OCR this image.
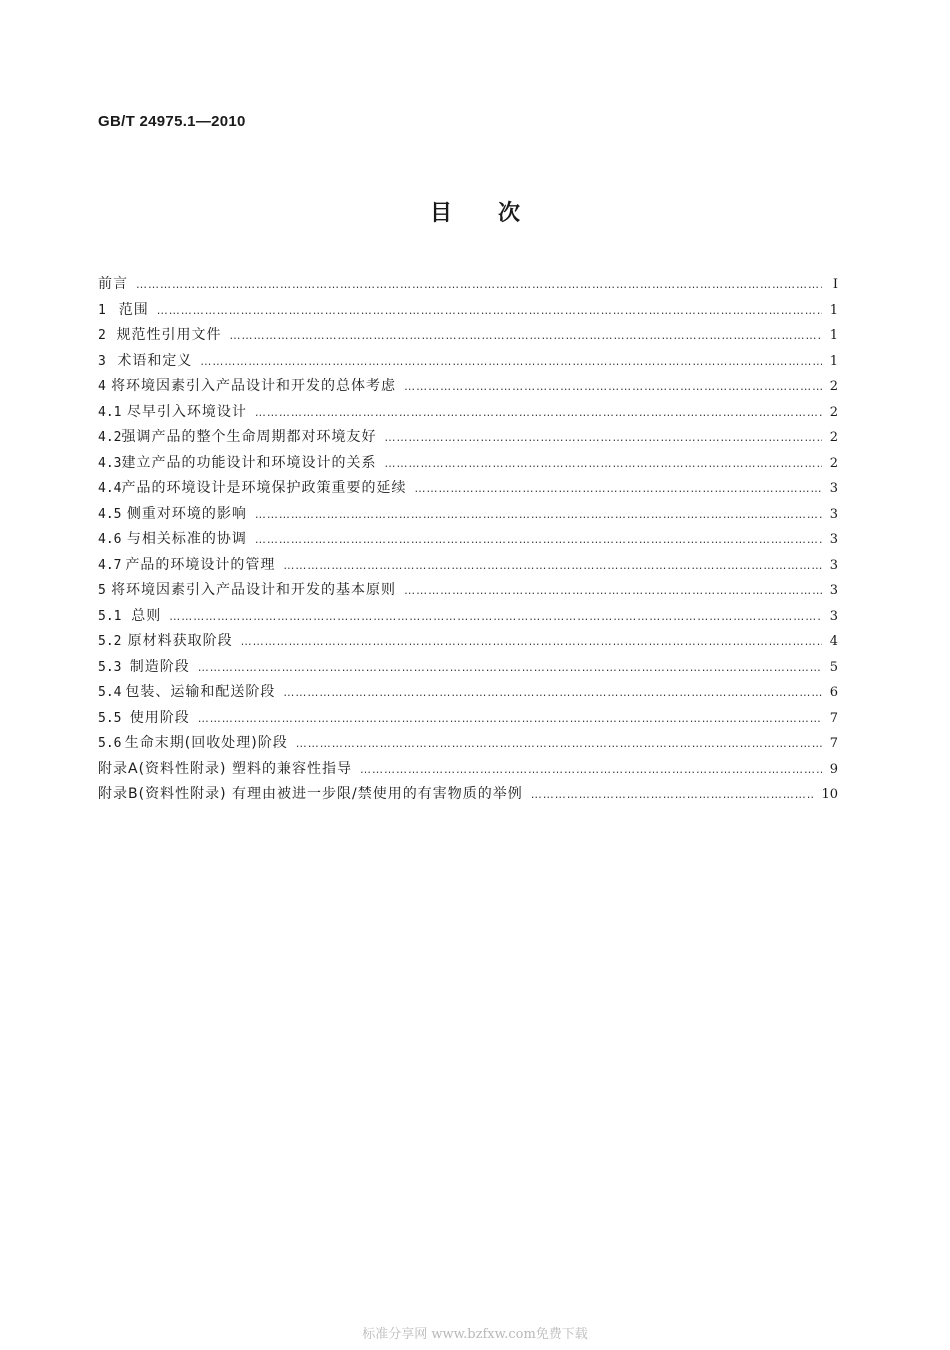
GB/T 24975.1—2010
目次
前言 ………………………………………………………………………………………………………………………………………………………………………………………………	Ⅰ
1 范围 ………………………………………………………………………………………………………………………………………………………………………………………………	1
2 规范性引用文件 ………………………………………………………………………………………………………………………………………………………………………………………………	1
3 术语和定义 ………………………………………………………………………………………………………………………………………………………………………………………………	1
4 将环境因素引入产品设计和开发的总体考虑 ………………………………………………………………………………………………………………………………………………………………………………………………	2
4.1 尽早引入环境设计 ………………………………………………………………………………………………………………………………………………………………………………………………	2
4.2 强调产品的整个生命周期都对环境友好 ………………………………………………………………………………………………………………………………………………………………………………………………	2
4.3 建立产品的功能设计和环境设计的关系 ………………………………………………………………………………………………………………………………………………………………………………………………	2
4.4 产品的环境设计是环境保护政策重要的延续 ………………………………………………………………………………………………………………………………………………………………………………………………	3
4.5 侧重对环境的影响 ………………………………………………………………………………………………………………………………………………………………………………………………	3
4.6 与相关标准的协调 ………………………………………………………………………………………………………………………………………………………………………………………………	3
4.7 产品的环境设计的管理 ………………………………………………………………………………………………………………………………………………………………………………………………	3
5 将环境因素引入产品设计和开发的基本原则 ………………………………………………………………………………………………………………………………………………………………………………………………	3
5.1 总则 ………………………………………………………………………………………………………………………………………………………………………………………………	3
5.2 原材料获取阶段 ………………………………………………………………………………………………………………………………………………………………………………………………	4
5.3 制造阶段 ………………………………………………………………………………………………………………………………………………………………………………………………	5
5.4 包装、运输和配送阶段 ………………………………………………………………………………………………………………………………………………………………………………………………	6
5.5 使用阶段 ………………………………………………………………………………………………………………………………………………………………………………………………	7
5.6 生命末期(回收处理)阶段 ………………………………………………………………………………………………………………………………………………………………………………………………	7
附录A(资料性附录) 塑料的兼容性指导 ………………………………………………………………………………………………………………………………………………………………………………………………	9
附录B(资料性附录) 有理由被进一步限/禁使用的有害物质的举例 ………………………………………………………………………………………………………………………………………………………………………………………………	10
标准分享网 www.bzfxw.com免费下载
